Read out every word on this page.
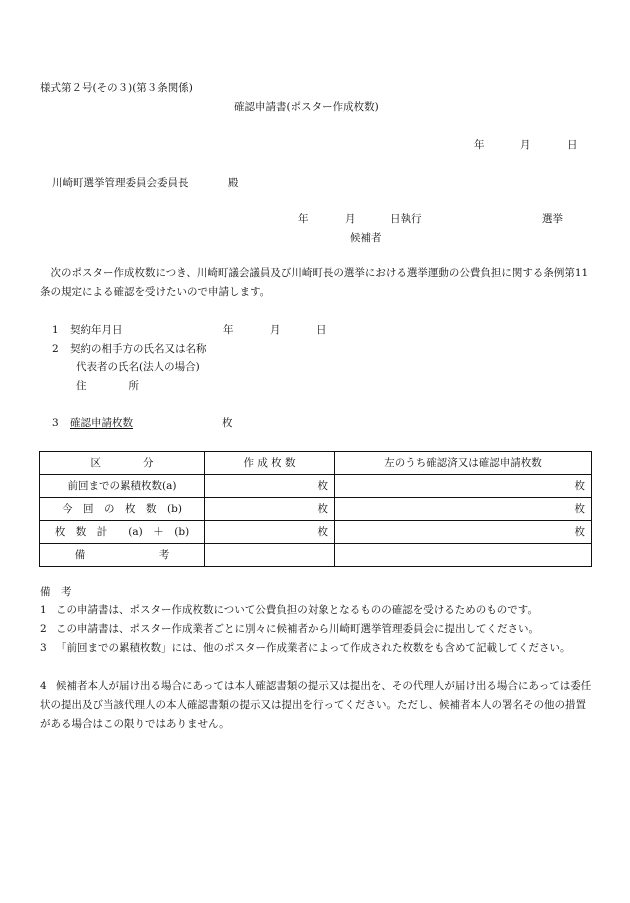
様式第２号(その３)(第３条関係)
確認申請書(ポスター作成枚数)
年	月	日
川崎町選挙管理委員会委員長	殿
年	月	日執行	選挙
候補者
　次のポスター作成枚数につき、川崎町議会議員及び川崎町長の選挙における選挙運動の公費負担に関する条例第11条の規定による確認を受けたいので申請します。
1 契約年月日	年	月	日
2 契約の相手方の氏名又は名称
代表者の氏名(法人の場合)
住　　　　所
3 確認申請枚数	枚
区　　　　分	作 成 枚 数	左のうち確認済又は確認申請枚数
前回までの累積枚数(a)	枚	枚
今　回　の　枚　数　(b)	枚	枚
枚　数　計　　(a)　＋　(b)	枚	枚
備　　　　　　　考		
備　考
1 この申請書は、ポスター作成枚数について公費負担の対象となるものの確認を受けるためのものです。
2 この申請書は、ポスター作成業者ごとに別々に候補者から川崎町選挙管理委員会に提出してください。
3 「前回までの累積枚数」には、他のポスター作成業者によって作成された枚数をも含めて記載してください。
4 候補者本人が届け出る場合にあっては本人確認書類の提示又は提出を、その代理人が届け出る場合にあっては委任状の提出及び当該代理人の本人確認書類の提示又は提出を行ってください。ただし、候補者本人の署名その他の措置がある場合はこの限りではありません。
